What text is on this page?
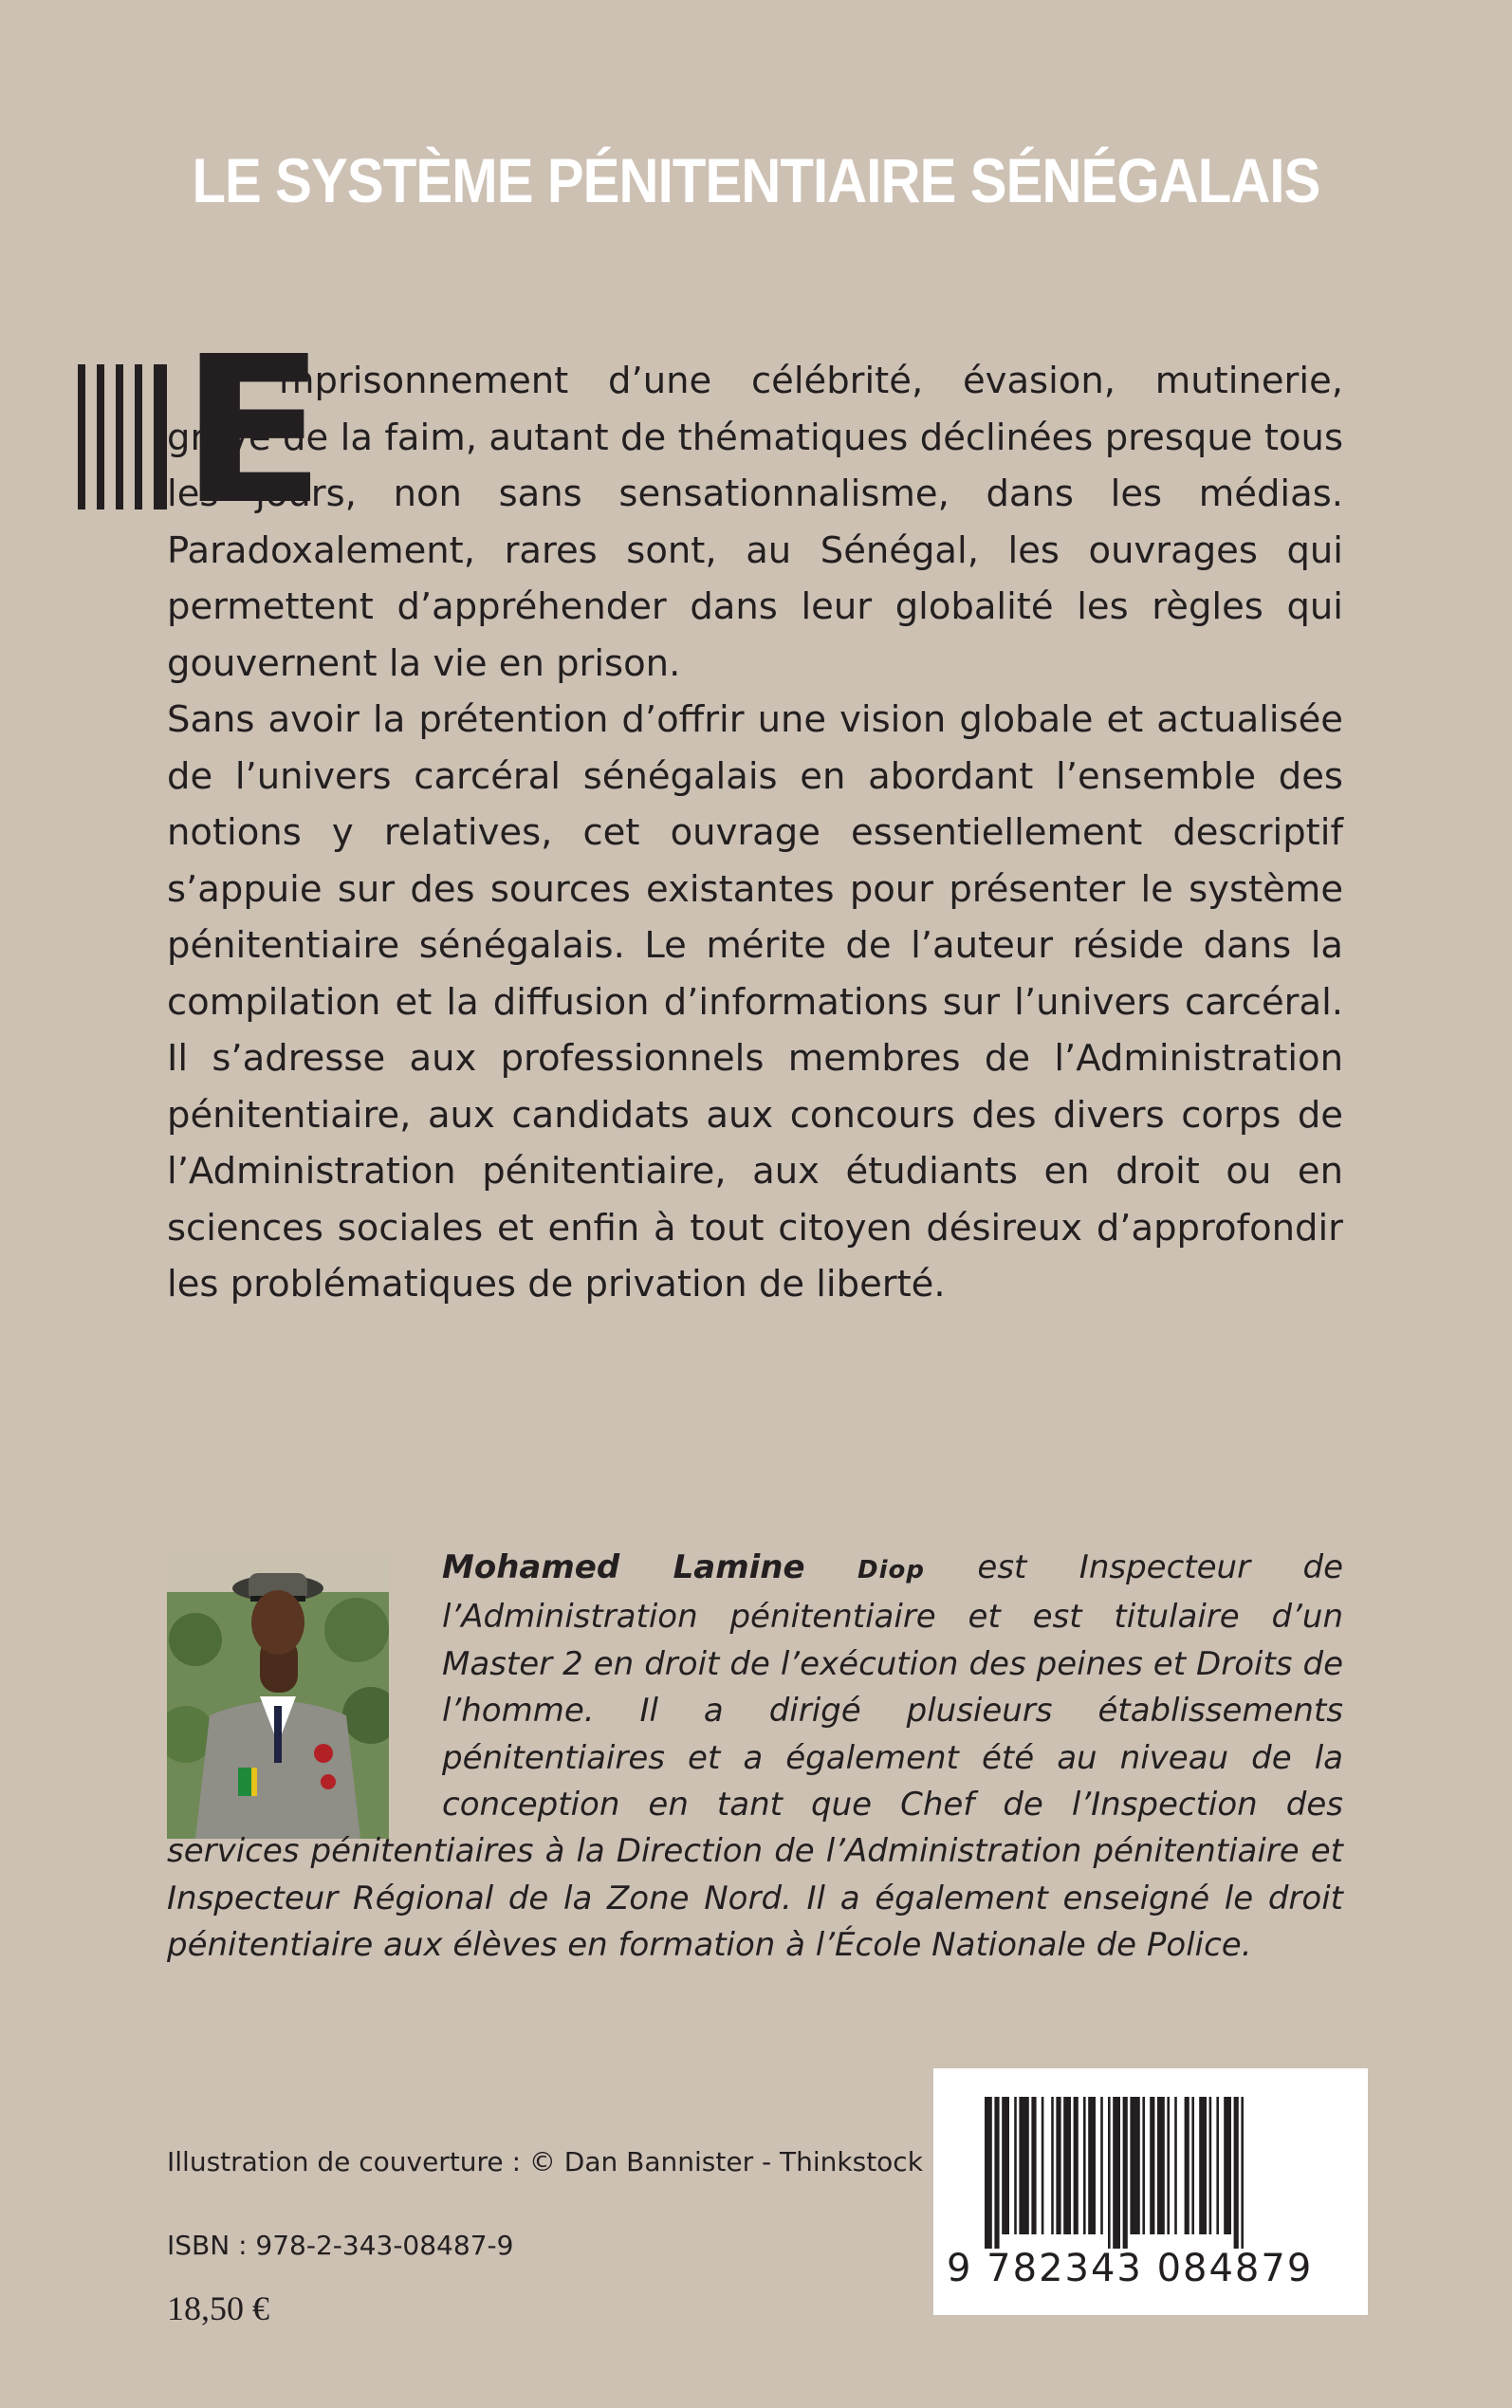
LE SYSTÈME PÉNITENTIAIRE SÉNÉGALAIS
E

mprisonnement d’une célébrité, évasion, mutinerie, grève de la faim, autant de thématiques déclinées presque tous les jours, non sans sensationnalisme, dans les médias. Paradoxalement, rares sont, au Sénégal, les ouvrages qui permettent d’appréhender dans leur globalité les règles qui gouvernent la vie en prison.

Sans avoir la prétention d’offrir une vision globale et actualisée de l’univers carcéral sénégalais en abordant l’ensemble des notions y relatives, cet ouvrage essentiellement descriptif s’appuie sur des sources existantes pour présenter le système pénitentiaire sénégalais. Le mérite de l’auteur réside dans la compilation et la diffusion d’informations sur l’univers carcéral. Il s’adresse aux professionnels membres de l’Administration pénitentiaire, aux candidats aux concours des divers corps de l’Administration pénitentiaire, aux étudiants en droit ou en sciences sociales et enfin à tout citoyen désireux d’approfondir les problématiques de privation de liberté.

Mohamed Lamine Diop est Inspecteur de l’Administration pénitentiaire et est titulaire d’un Master 2 en droit de l’exécution des peines et Droits de l’homme. Il a dirigé plusieurs établissements pénitentiaires et a également été au niveau de la conception en tant que Chef de l’Inspection des services pénitentiaires à la Direction de l’Administration pénitentiaire et Inspecteur Régional de la Zone Nord. Il a également enseigné le droit pénitentiaire aux élèves en formation à l’École Nationale de Police.
Illustration de couverture : © Dan Bannister - Thinkstock
ISBN : 978-2-343-08487-9
18,50 €
9 782343 084879
